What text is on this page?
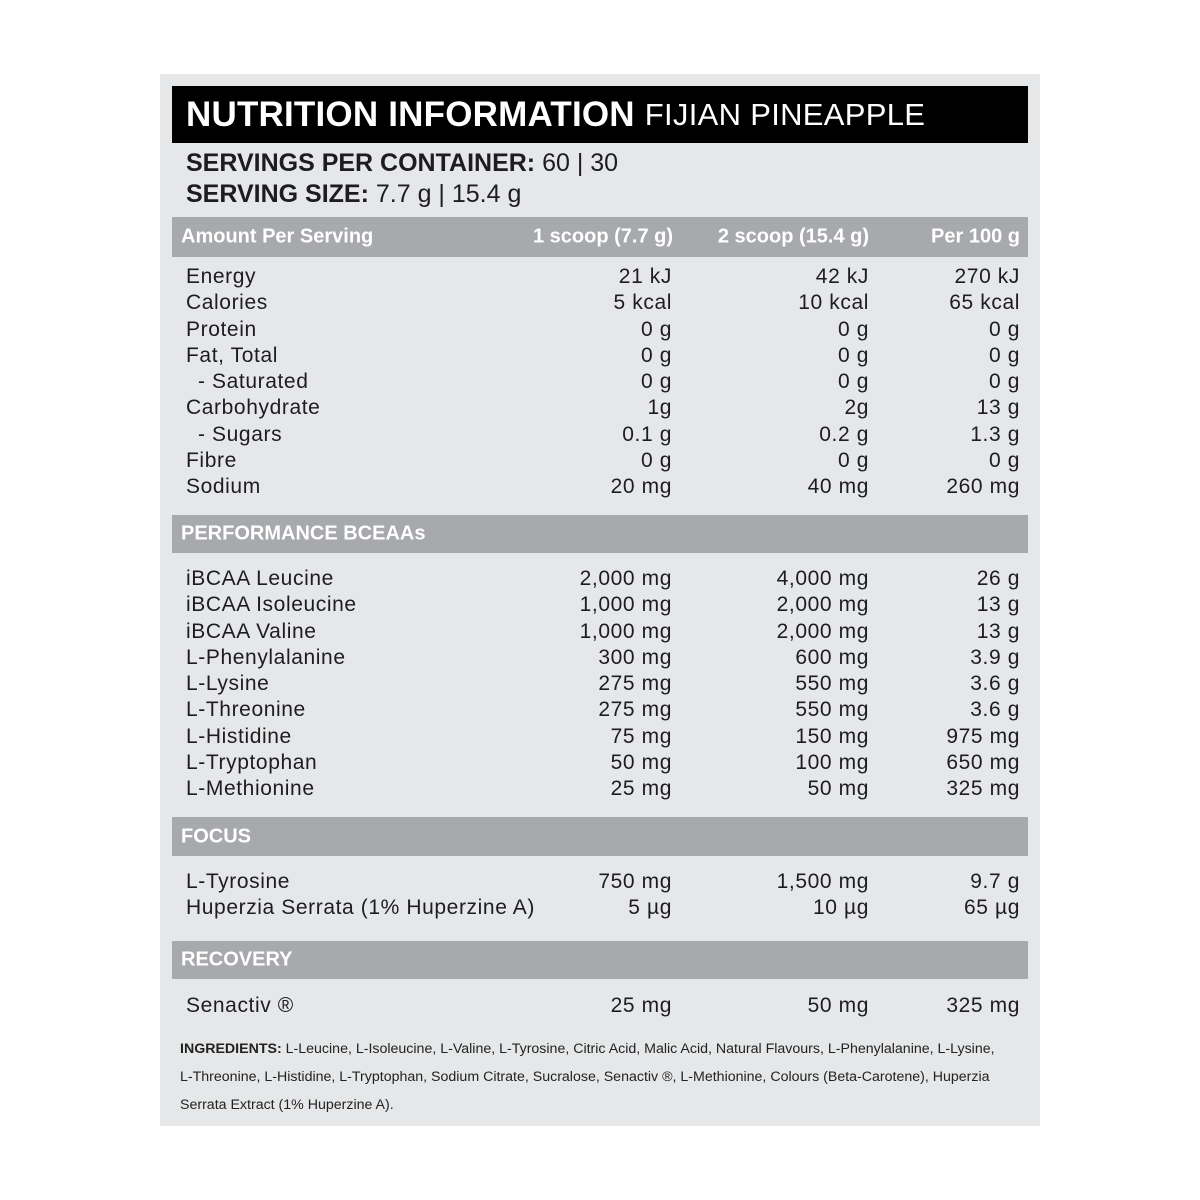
NUTRITION INFORMATION FIJIAN PINEAPPLE
SERVINGS PER CONTAINER: 60 | 30
SERVING SIZE: 7.7 g | 15.4 g
Amount Per Serving	1 scoop (7.7 g) 2 scoop (15.4 g)	Per 100 g
Energy	21 kJ	42 kJ	270 kJ
Calories	5 kcal	10 kcal	65 kcal
Protein	0 g	0 g	0 g
Fat, Total	0 g	0 g	0 g
- Saturated	0 g	0 g	0 g
Carbohydrate	1g	2g	13 g
- Sugars	0.1 g	0.2 g	1.3 g
Fibre	0 g	0 g	0 g
Sodium	20 mg	40 mg	260 mg
PERFORMANCE BCEAAs
iBCAA Leucine	2,000 mg	4,000 mg	26 g
iBCAA Isoleucine	1,000 mg	2,000 mg	13 g
iBCAA Valine	1,000 mg	2,000 mg	13 g
L-Phenylalanine	300 mg	600 mg	3.9 g
L-Lysine	275 mg	550 mg	3.6 g
L-Threonine	275 mg	550 mg	3.6 g
L-Histidine	75 mg	150 mg	975 mg
L-Tryptophan	50 mg	100 mg	650 mg
L-Methionine	25 mg	50 mg	325 mg
FOCUS
L-Tyrosine	750 mg	1,500 mg	9.7 g
Huperzia Serrata (1% Huperzine A)	5 µg	10 µg	65 µg
RECOVERY
Senactiv ®	25 mg	50 mg	325 mg
INGREDIENTS: L-Leucine, L-Isoleucine, L-Valine, L-Tyrosine, Citric Acid, Malic Acid, Natural Flavours, L-Phenylalanine, L-Lysine, L-Threonine, L-Histidine, L-Tryptophan, Sodium Citrate, Sucralose, Senactiv ®, L-Methionine, Colours (Beta-Carotene), Huperzia Serrata Extract (1% Huperzine A).
